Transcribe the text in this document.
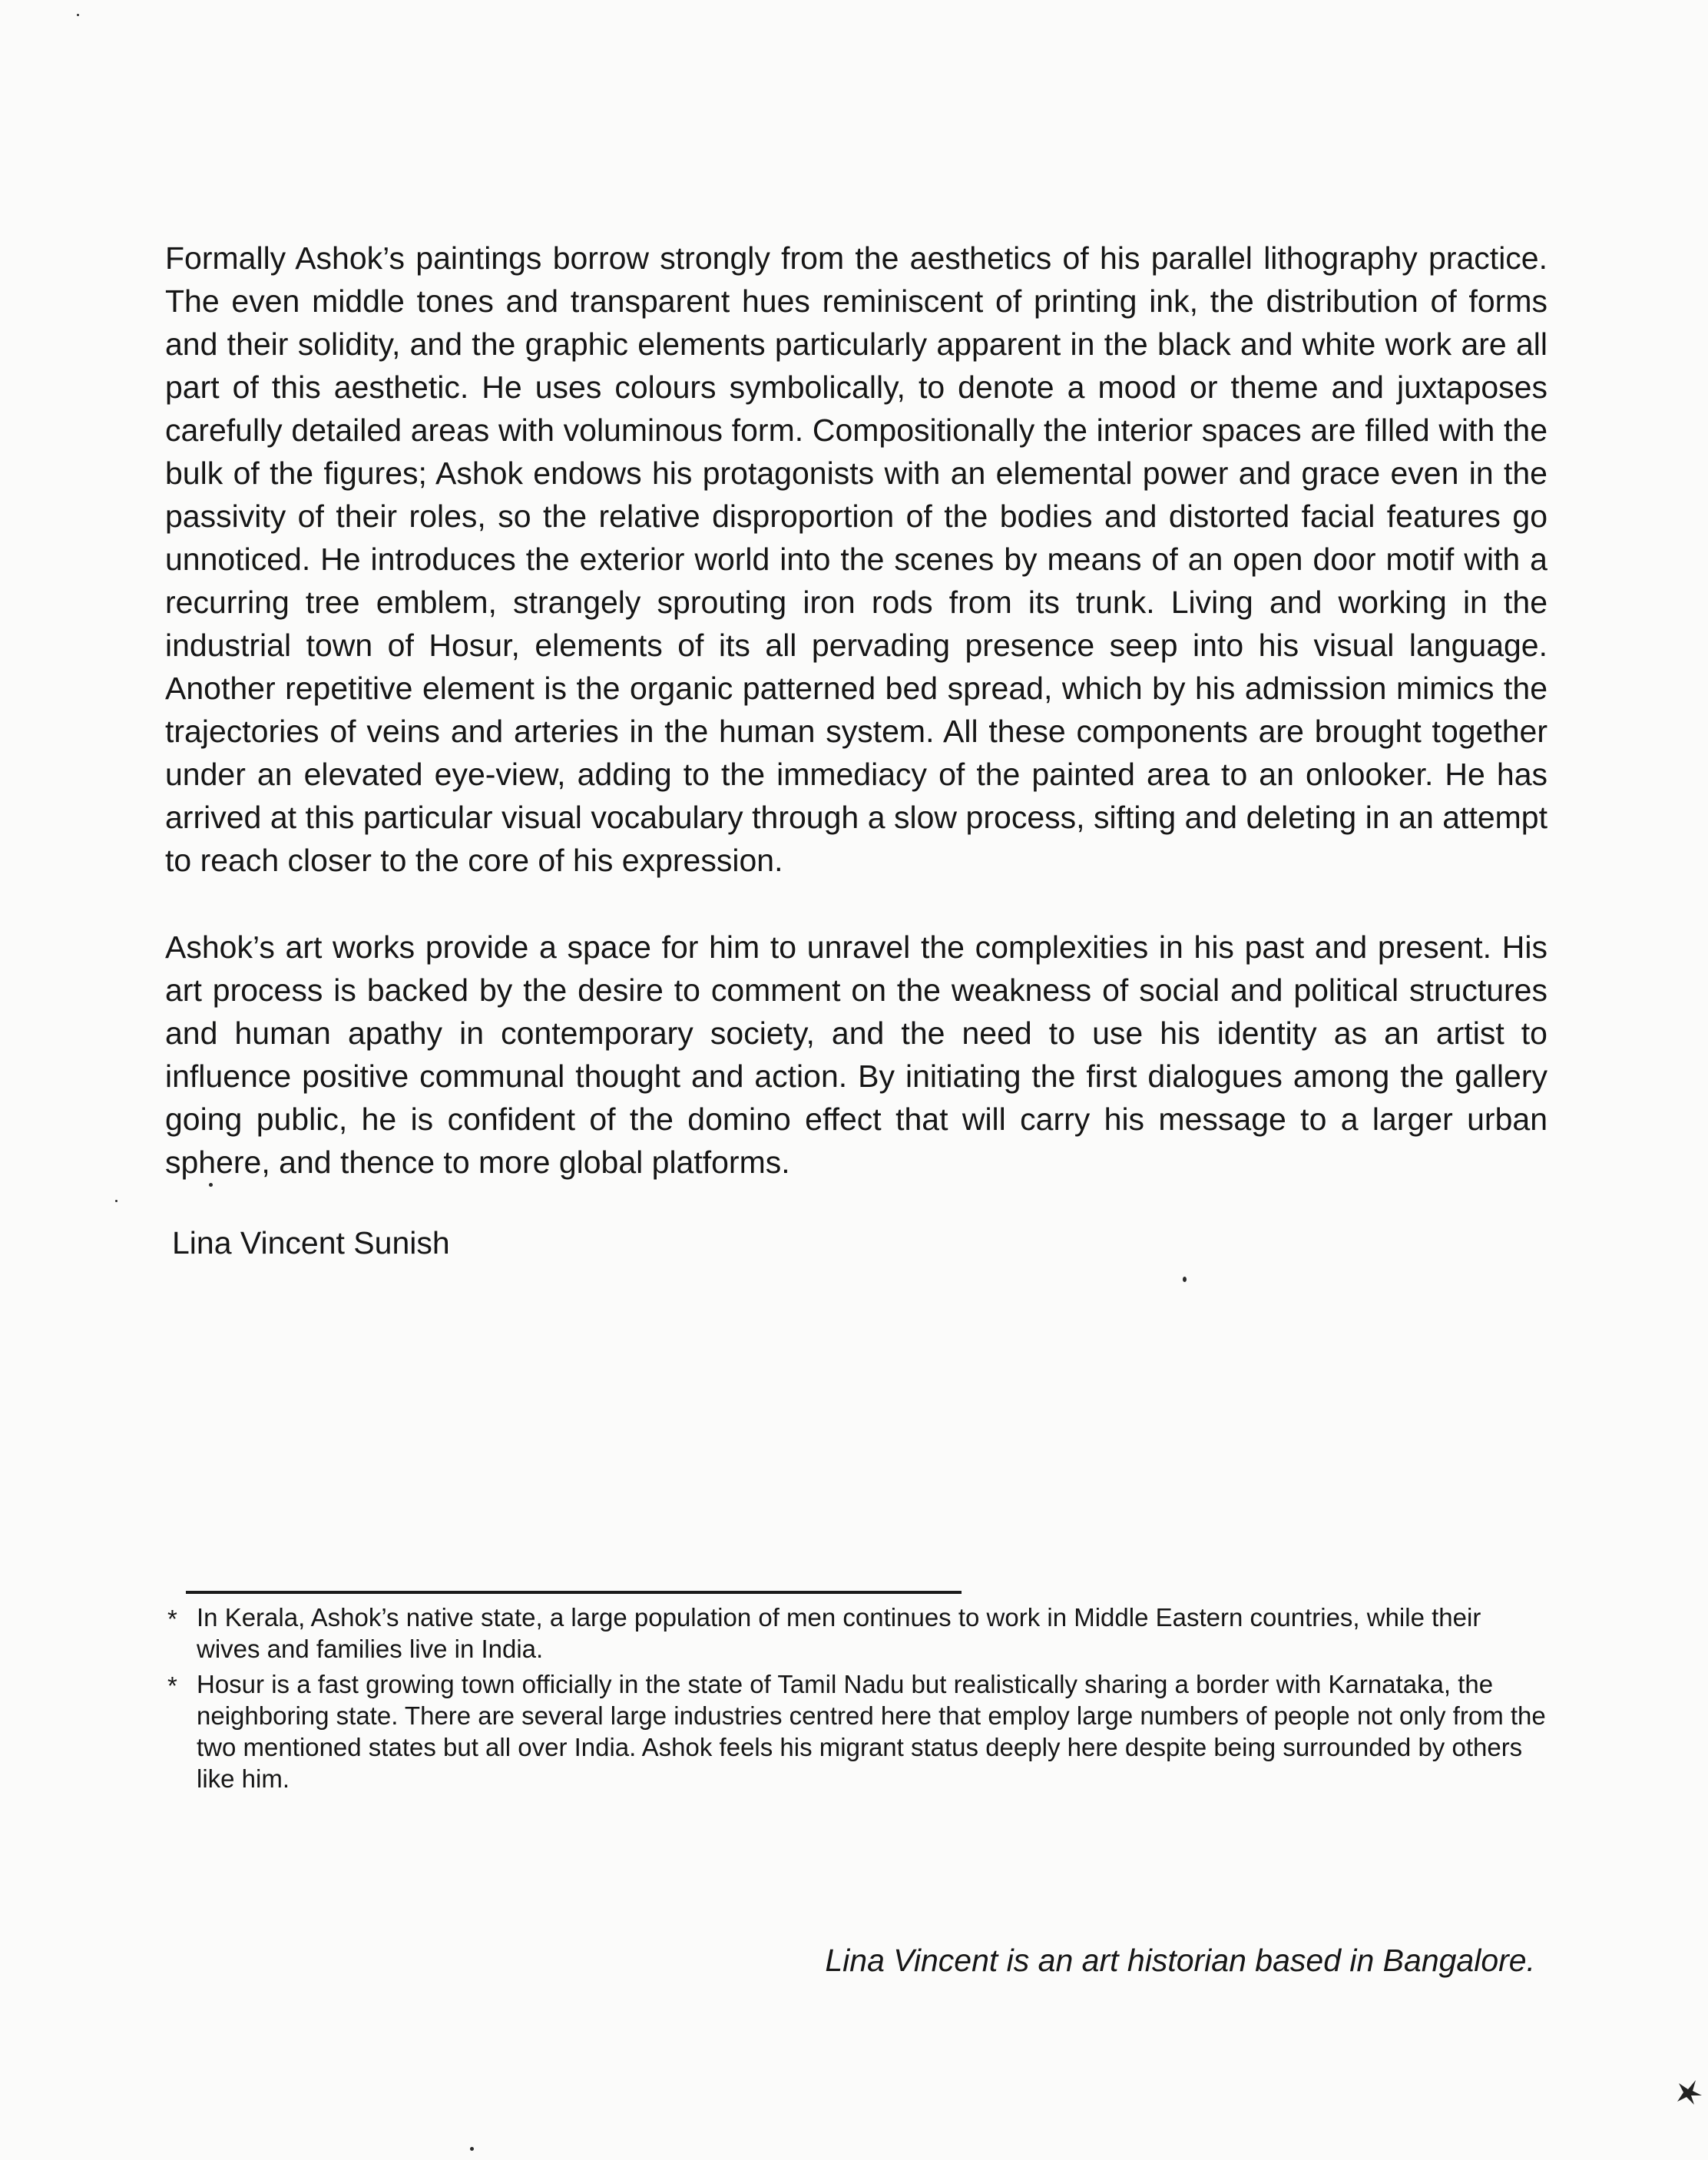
Formally Ashok’s paintings borrow strongly from the aesthetics of his parallel lithography practice. The even middle tones and transparent hues reminiscent of printing ink, the distribution of forms and their solidity, and the graphic elements particularly apparent in the black and white work are all part of this aesthetic. He uses colours symbolically, to denote a mood or theme and juxtaposes carefully detailed areas with voluminous form. Compositionally the interior spaces are filled with the bulk of the figures; Ashok endows his protagonists with an elemental power and grace even in the passivity of their roles, so the relative disproportion of the bodies and distorted facial features go unnoticed. He introduces the exterior world into the scenes by means of an open door motif with a recurring tree emblem, strangely sprouting iron rods from its trunk. Living and working in the industrial town of Hosur, elements of its all pervading presence seep into his visual language. Another repetitive element is the organic patterned bed spread, which by his admission mimics the trajectories of veins and arteries in the human system. All these components are brought together under an elevated eye-view, adding to the immediacy of the painted area to an onlooker. He has arrived at this particular visual vocabulary through a slow process, sifting and deleting in an attempt to reach closer to the core of his expression.

Ashok’s art works provide a space for him to unravel the complexities in his past and present. His art process is backed by the desire to comment on the weakness of social and political structures and human apathy in contemporary society, and the need to use his identity as an artist to influence positive communal thought and action. By initiating the first dialogues among the gallery going public, he is confident of the domino effect that will carry his message to a larger urban sphere, and thence to more global platforms.

Lina Vincent Sunish

* In Kerala, Ashok’s native state, a large population of men continues to work in Middle Eastern countries, while their wives and families live in India.
* Hosur is a fast growing town officially in the state of Tamil Nadu but realistically sharing a border with Karnataka, the neighboring state. There are several large industries centred here that employ large numbers of people not only from the two mentioned states but all over India. Ashok feels his migrant status deeply here despite being surrounded by others like him.

Lina Vincent is an art historian based in Bangalore.
